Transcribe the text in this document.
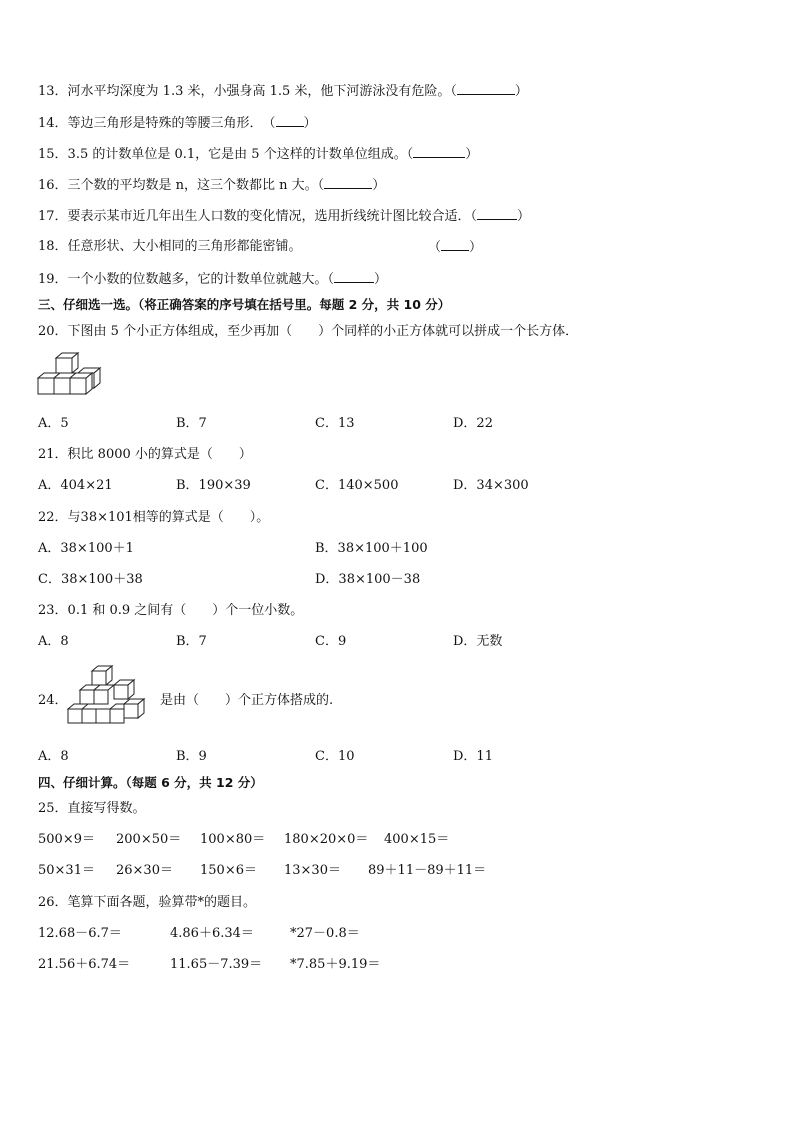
13．河水平均深度为 1.3 米，小强身高 1.5 米，他下河游泳没有危险。（	）
14．等边三角形是特殊的等腰三角形．　（ ）
15．3.5 的计数单位是 0.1，它是由 5 个这样的计数单位组成。（	）
16．三个数的平均数是 n，这三个数都比 n 大。（	）
17．要表示某市近几年出生人口数的变化情况，选用折线统计图比较合适．（	）
18．任意形状、大小相同的三角形都能密铺。	（ ）
19．一个小数的位数越多，它的计数单位就越大。（	）
三、仔细选一选。（将正确答案的序号填在括号里。每题 2 分，共 10 分）
20．下图由 5 个小正方体组成，至少再加（　　）个同样的小正方体就可以拼成一个长方体．
A．5	B．7	C．13	D．22
21．积比 8000 小的算式是（　　）
A．404×21	B．190×39	C．140×500	D．34×300
22．与38×101相等的算式是（　　）。
A．38×100＋1	B．38×100＋100
C．38×100＋38	D．38×100－38
23．0.1 和 0.9 之间有（　　）个一位小数。
A．8	B．7	C．9	D．无数
24．	是由（　　）个正方体搭成的.
A．8	B．9	C．10	D．11
四、仔细计算。（每题 6 分，共 12 分）
25．直接写得数。
500×9＝ 200×50＝ 100×80＝ 180×20×0＝ 400×15＝
50×31＝ 26×30＝ 150×6＝ 13×30＝ 89＋11－89＋11＝
26．笔算下面各题，验算带*的题目。
12.68－6.7＝	4.86＋6.34＝	*27－0.8＝
21.56＋6.74＝	11.65－7.39＝ *7.85＋9.19＝
